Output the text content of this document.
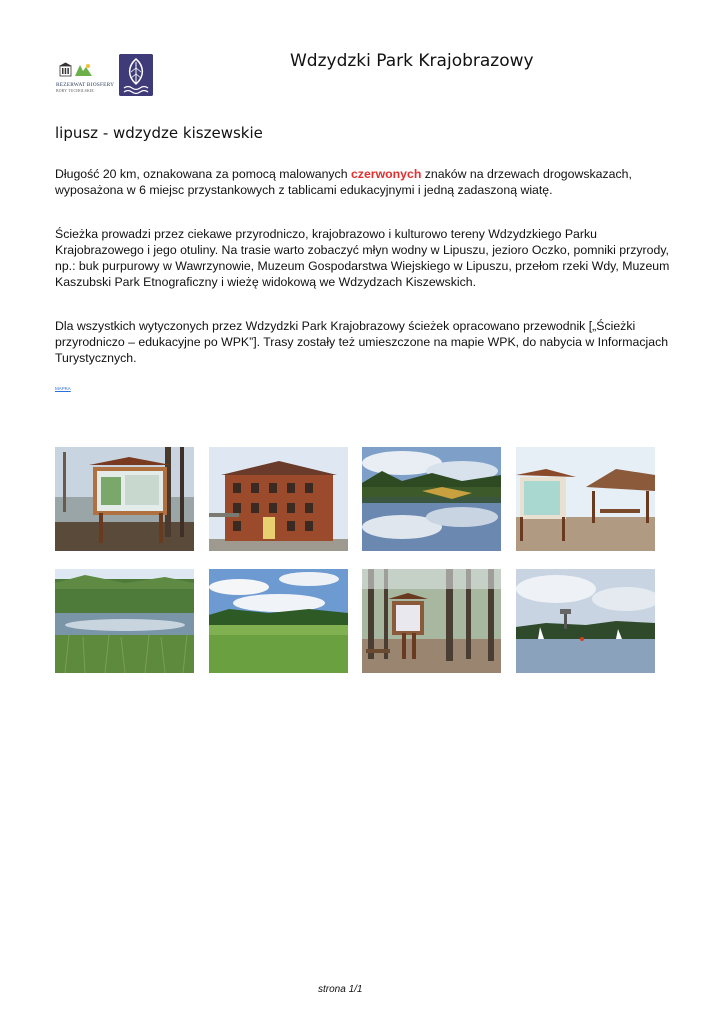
REZERWAT BIOSFERY
BORY TUCHOLSKIE
Wdzydzki Park Krajobrazowy
lipusz - wdzydze kiszewskie

Długość 20 km, oznakowana za pomocą malowanych czerwonych znaków na drzewach drogowskazach, wyposażona w 6 miejsc przystankowych z tablicami edukacyjnymi i jedną zadaszoną wiatę.

Ścieżka prowadzi przez ciekawe przyrodniczo, krajobrazowo i kulturowo tereny Wdzydzkiego Parku Krajobrazowego i jego otuliny. Na trasie warto zobaczyć młyn wodny w Lipuszu, jezioro Oczko, pomniki przyrody, np.: buk purpurowy w Wawrzynowie, Muzeum Gospodarstwa Wiejskiego w Lipuszu, przełom rzeki Wdy, Muzeum Kaszubski Park Etnograficzny i wieżę widokową we Wdzydzach Kiszewskich.

Dla wszystkich wytyczonych przez Wdzydzki Park Krajobrazowy ścieżek opracowano przewodnik [„Ścieżki przyrodniczo – edukacyjne po WPK”]. Trasy zostały też umieszczone na mapie WPK, do nabycia w Informacjach Turystycznych.

MAPKA
strona 1/1
